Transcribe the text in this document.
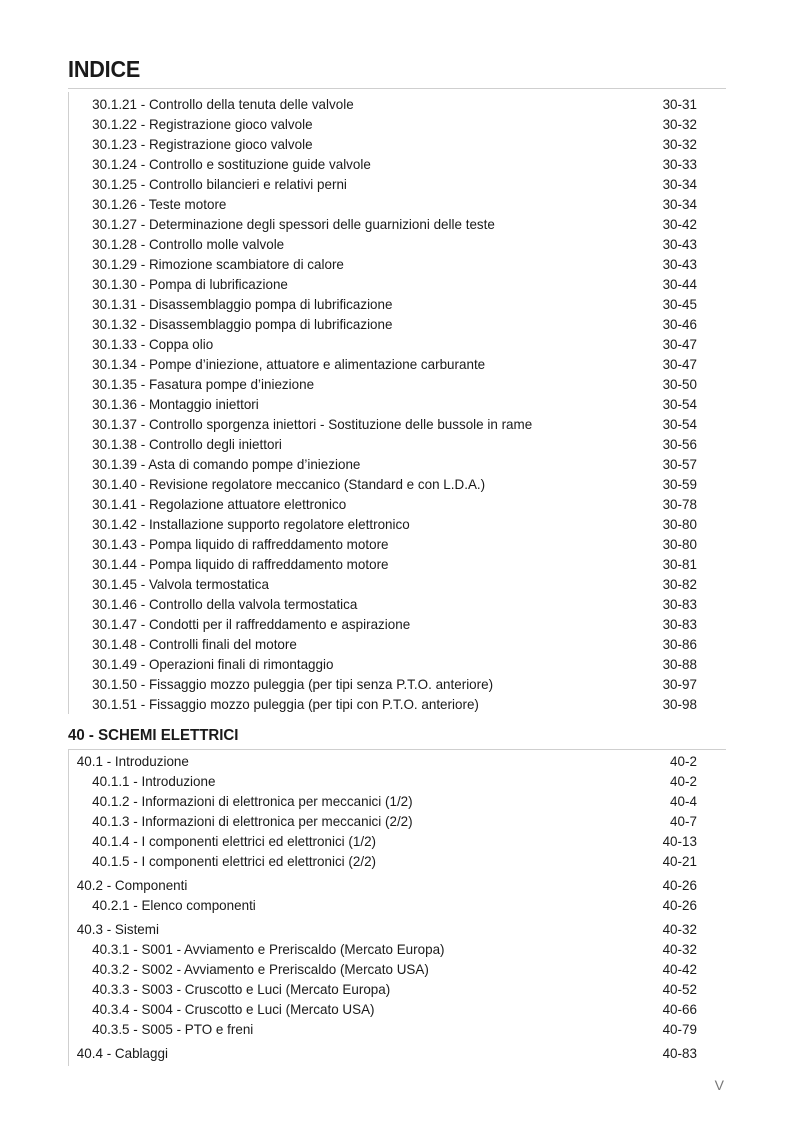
INDICE
30.1.21 - Controllo della tenuta delle valvole	30-31
30.1.22 - Registrazione gioco valvole	30-32
30.1.23 - Registrazione gioco valvole	30-32
30.1.24 - Controllo e sostituzione guide valvole	30-33
30.1.25 - Controllo bilancieri e relativi perni	30-34
30.1.26 - Teste motore	30-34
30.1.27 - Determinazione degli spessori delle guarnizioni delle teste	30-42
30.1.28 - Controllo molle valvole	30-43
30.1.29 - Rimozione scambiatore di calore	30-43
30.1.30 - Pompa di lubrificazione	30-44
30.1.31 - Disassemblaggio pompa di lubrificazione	30-45
30.1.32 - Disassemblaggio pompa di lubrificazione	30-46
30.1.33 - Coppa olio	30-47
30.1.34 - Pompe d’iniezione, attuatore e alimentazione carburante	30-47
30.1.35 - Fasatura pompe d’iniezione	30-50
30.1.36 - Montaggio iniettori	30-54
30.1.37 - Controllo sporgenza iniettori - Sostituzione delle bussole in rame	30-54
30.1.38 - Controllo degli iniettori	30-56
30.1.39 - Asta di comando pompe d’iniezione	30-57
30.1.40 - Revisione regolatore meccanico (Standard e con L.D.A.)	30-59
30.1.41 - Regolazione attuatore elettronico	30-78
30.1.42 - Installazione supporto regolatore elettronico	30-80
30.1.43 - Pompa liquido di raffreddamento motore	30-80
30.1.44 - Pompa liquido di raffreddamento motore	30-81
30.1.45 - Valvola termostatica	30-82
30.1.46 - Controllo della valvola termostatica	30-83
30.1.47 - Condotti per il raffreddamento e aspirazione	30-83
30.1.48 - Controlli finali del motore	30-86
30.1.49 - Operazioni finali di rimontaggio	30-88
30.1.50 - Fissaggio mozzo puleggia (per tipi senza P.T.O. anteriore)	30-97
30.1.51 - Fissaggio mozzo puleggia (per tipi con P.T.O. anteriore)	30-98
40 - SCHEMI ELETTRICI
40.1 - Introduzione	40-2
40.1.1 - Introduzione	40-2
40.1.2 - Informazioni di elettronica per meccanici (1/2)	40-4
40.1.3 - Informazioni di elettronica per meccanici (2/2)	40-7
40.1.4 - I componenti elettrici ed elettronici (1/2)	40-13
40.1.5 - I componenti elettrici ed elettronici (2/2)	40-21
40.2 - Componenti	40-26
40.2.1 - Elenco componenti	40-26
40.3 - Sistemi	40-32
40.3.1 - S001 - Avviamento e Preriscaldo (Mercato Europa)	40-32
40.3.2 - S002 - Avviamento e Preriscaldo (Mercato USA)	40-42
40.3.3 - S003 - Cruscotto e Luci (Mercato Europa)	40-52
40.3.4 - S004 - Cruscotto e Luci (Mercato USA)	40-66
40.3.5 - S005 - PTO e freni	40-79
40.4 - Cablaggi	40-83
V
